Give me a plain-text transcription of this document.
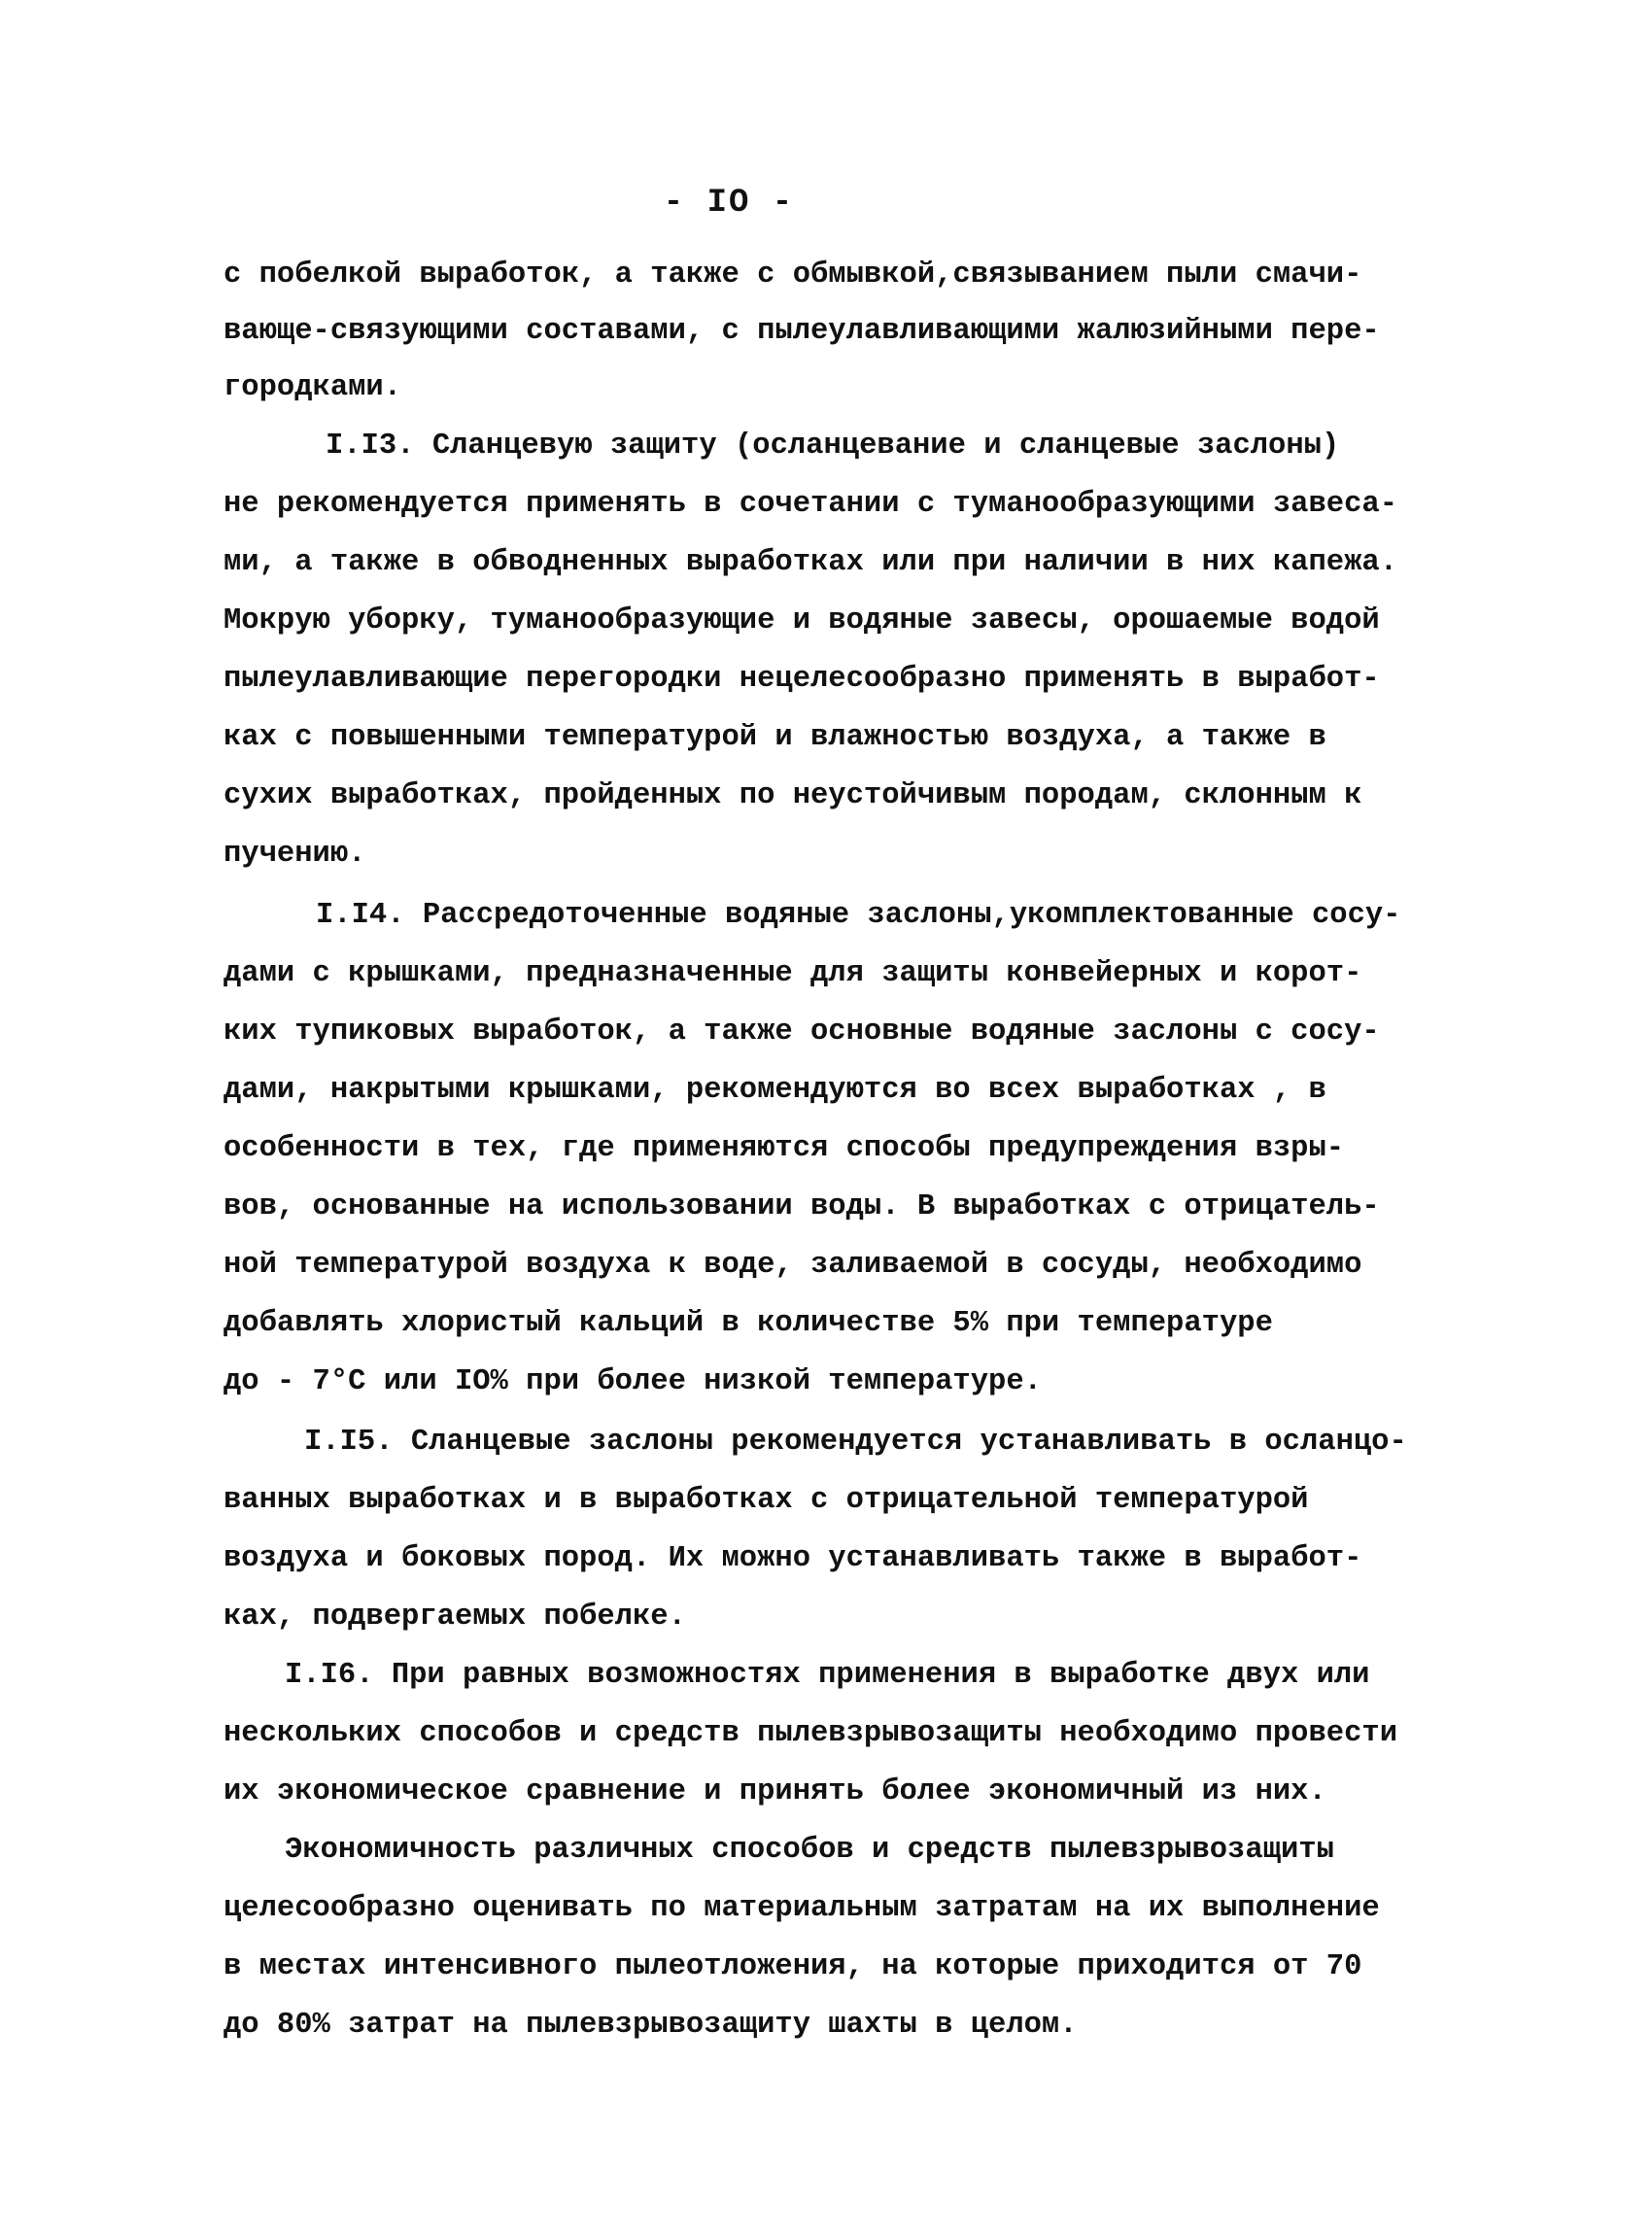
- IO -
с побелкой выработок, а также с обмывкой,связыванием пыли смачи-
вающе-связующими составами, с пылеулавливающими жалюзийными пере-
городками.
I.I3. Сланцевую защиту (осланцевание и сланцевые заслоны)
не рекомендуется применять в сочетании с туманообразующими завеса-
ми, а также в обводненных выработках или при наличии в них капежа.
Мокрую уборку, туманообразующие и водяные завесы, орошаемые водой
пылеулавливающие перегородки нецелесообразно применять в выработ-
ках с повышенными температурой и влажностью воздуха, а также в
сухих выработках, пройденных по неустойчивым породам, склонным к
пучению.
I.I4. Рассредоточенные водяные заслоны,укомплектованные сосу-
дами с крышками, предназначенные для защиты конвейерных и корот-
ких тупиковых выработок, а также основные водяные заслоны с сосу-
дами, накрытыми крышками, рекомендуются во всех выработках , в
особенности в тех, где применяются способы предупреждения взры-
вов, основанные на использовании воды. В выработках с отрицатель-
ной температурой воздуха к воде, заливаемой в сосуды, необходимо
добавлять хлористый кальций в количестве 5% при температуре
до - 7°С или IO% при более низкой температуре.
I.I5. Сланцевые заслоны рекомендуется устанавливать в осланцо-
ванных выработках и в выработках с отрицательной температурой
воздуха и боковых пород. Их можно устанавливать также в выработ-
ках, подвергаемых побелке.
I.I6. При равных возможностях применения в выработке двух или
нескольких способов и средств пылевзрывозащиты необходимо провести
их экономическое сравнение и принять более экономичный из них.
Экономичность различных способов и средств пылевзрывозащиты
целесообразно оценивать по материальным затратам на их выполнение
в местах интенсивного пылеотложения, на которые приходится от 70
до 80% затрат на пылевзрывозащиту шахты в целом.
